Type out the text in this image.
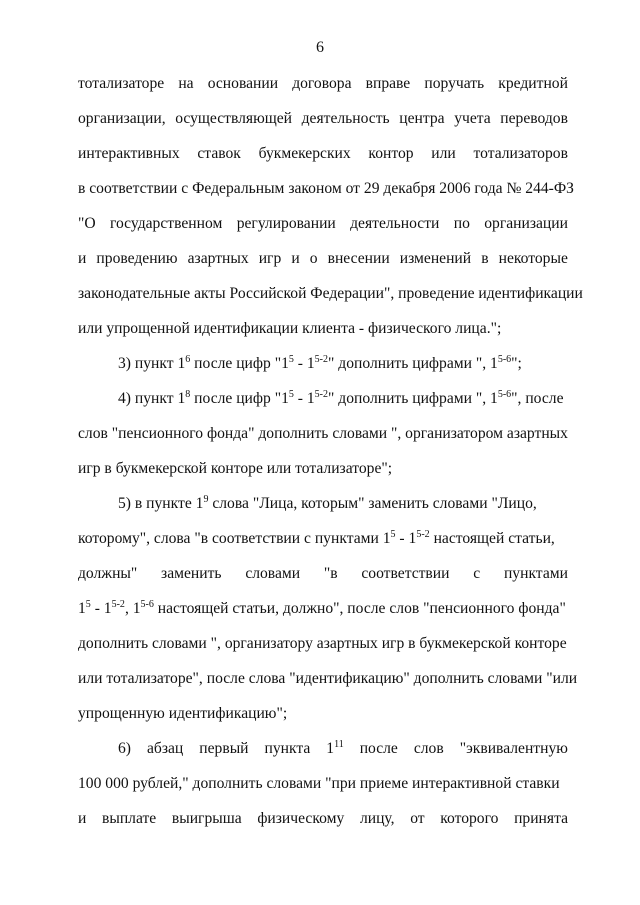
6
тотализаторе на основании договора вправе поручать кредитной
организации, осуществляющей деятельность центра учета переводов
интерактивных ставок букмекерских контор или тотализаторов
в соответствии с Федеральным законом от 29 декабря 2006 года № 244-ФЗ
"О государственном регулировании деятельности по организации
и проведению азартных игр и о внесении изменений в некоторые
законодательные акты Российской Федерации", проведение идентификации
или упрощенной идентификации клиента - физического лица.";
3) пункт $1^6$ после цифр "$1^5 - 1^{5-2}$" дополнить цифрами ", 1$^{5-6}$";
4) пункт $1^8$ после цифр "$1^5 - 1^{5-2}$" дополнить цифрами ", 1$^{5-6}$", после
слов "пенсионного фонда" дополнить словами ", организатором азартных
игр в букмекерской конторе или тотализаторе";
5) в пункте $1^9$ слова "Лица, которым" заменить словами "Лицо,
которому", слова "в соответствии с пунктами $1^5 - 1^{5-2}$ настоящей статьи,
должны" заменить словами "в соответствии с пунктами
$1^5 - 1^{5-2}$, 1$^{5-6}$ настоящей статьи, должно", после слов "пенсионного фонда"
дополнить словами ", организатору азартных игр в букмекерской конторе
или тотализаторе", после слова "идентификацию" дополнить словами "или
упрощенную идентификацию";
6) абзац первый пункта $1^{11}$ после слов "эквивалентную
100 000 рублей," дополнить словами "при приеме интерактивной ставки
и выплате выигрыша физическому лицу, от которого принята
